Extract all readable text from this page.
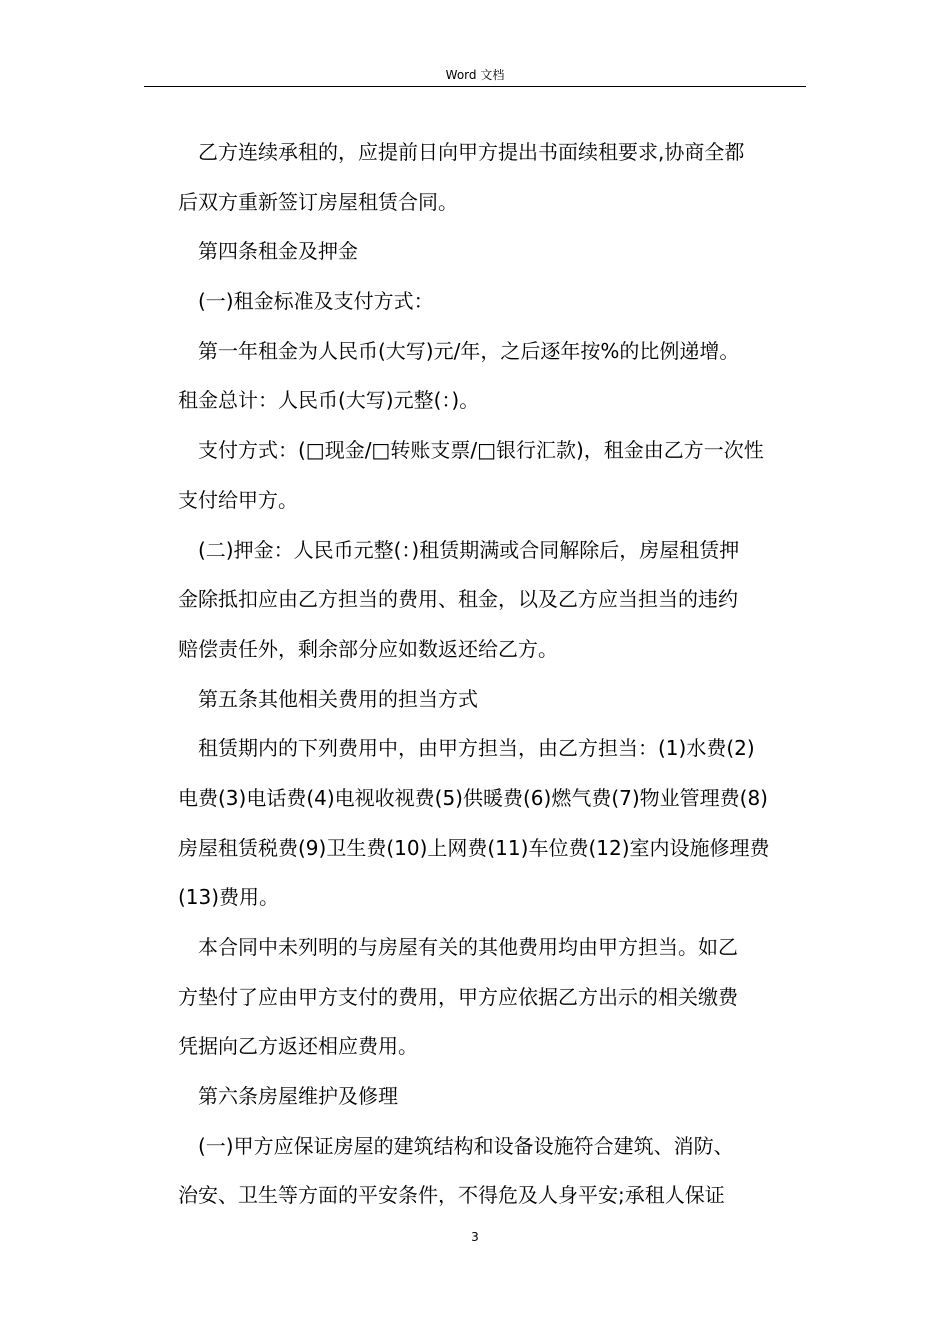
Word 文档
乙方连续承租的，应提前日向甲方提出书面续租要求,协商全都
后双方重新签订房屋租赁合同。
第四条租金及押金
(一)租金标准及支付方式：
第一年租金为人民币(大写)元/年，之后逐年按%的比例递增。
租金总计：人民币(大写)元整(：)。
支付方式：(□现金/□转账支票/□银行汇款)，租金由乙方一次性
支付给甲方。
(二)押金：人民币元整(：)租赁期满或合同解除后，房屋租赁押
金除抵扣应由乙方担当的费用、租金，以及乙方应当担当的违约
赔偿责任外，剩余部分应如数返还给乙方。
第五条其他相关费用的担当方式
租赁期内的下列费用中，由甲方担当，由乙方担当：(1)水费(2)
电费(3)电话费(4)电视收视费(5)供暖费(6)燃气费(7)物业管理费(8)
房屋租赁税费(9)卫生费(10)上网费(11)车位费(12)室内设施修理费
(13)费用。
本合同中未列明的与房屋有关的其他费用均由甲方担当。如乙
方垫付了应由甲方支付的费用，甲方应依据乙方出示的相关缴费
凭据向乙方返还相应费用。
第六条房屋维护及修理
(一)甲方应保证房屋的建筑结构和设备设施符合建筑、消防、
治安、卫生等方面的平安条件，不得危及人身平安;承租人保证
3
